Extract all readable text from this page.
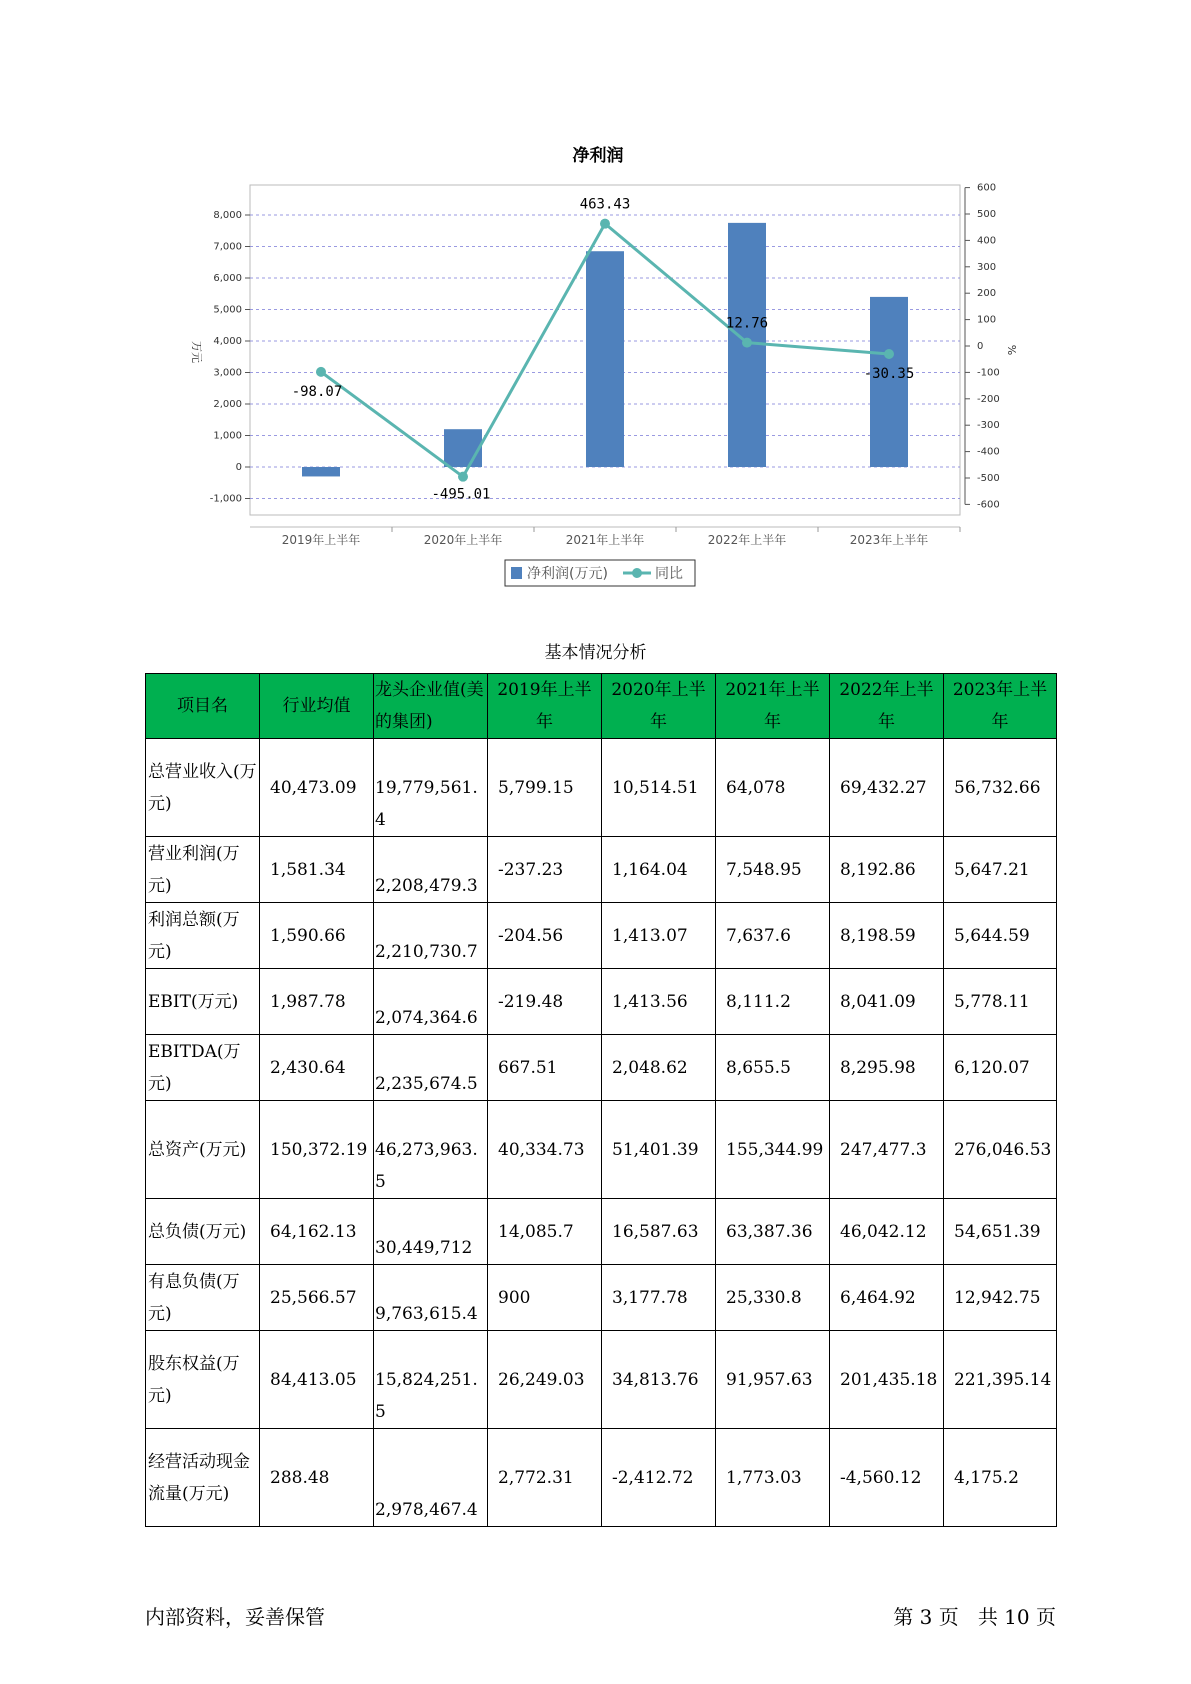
-1,000
0
1,000
2,000
3,000
4,000
5,000
6,000
7,000
8,000
-600
-500
-400
-300
-200
-100
0
100
200
300
400
500
600
万元	%
净利润
2019年上半年	2020年上半年	2021年上半年	2022年上半年	2023年上半年
-98.07
-495.01
463.43
12.76
-30.35
净利润(万元)	同比
基本情况分析
项目名	行业均值	龙头企业值(美的集团)	2019年上半年	2020年上半年	2021年上半年	2022年上半年	2023年上半年
总营业收入(万元)	40,473.09	19,779,561.4	5,799.15	10,514.51	64,078	69,432.27	56,732.66
营业利润(万元)	1,581.34	2,208,479.3	-237.23	1,164.04	7,548.95	8,192.86	5,647.21
利润总额(万元)	1,590.66	2,210,730.7	-204.56	1,413.07	7,637.6	8,198.59	5,644.59
EBIT(万元)	1,987.78	2,074,364.6	-219.48	1,413.56	8,111.2	8,041.09	5,778.11
EBITDA(万元)	2,430.64	2,235,674.5	667.51	2,048.62	8,655.5	8,295.98	6,120.07
总资产(万元)	150,372.19	46,273,963.5	40,334.73	51,401.39	155,344.99	247,477.3	276,046.53
总负债(万元)	64,162.13	30,449,712	14,085.7	16,587.63	63,387.36	46,042.12	54,651.39
有息负债(万元)	25,566.57	9,763,615.4	900	3,177.78	25,330.8	6,464.92	12,942.75
股东权益(万元)	84,413.05	15,824,251.5	26,249.03	34,813.76	91,957.63	201,435.18	221,395.14
经营活动现金流量(万元)	288.48	2,978,467.4	2,772.31	-2,412.72	1,773.03	-4,560.12	4,175.2
内部资料，妥善保管	第 3 页   共 10 页
